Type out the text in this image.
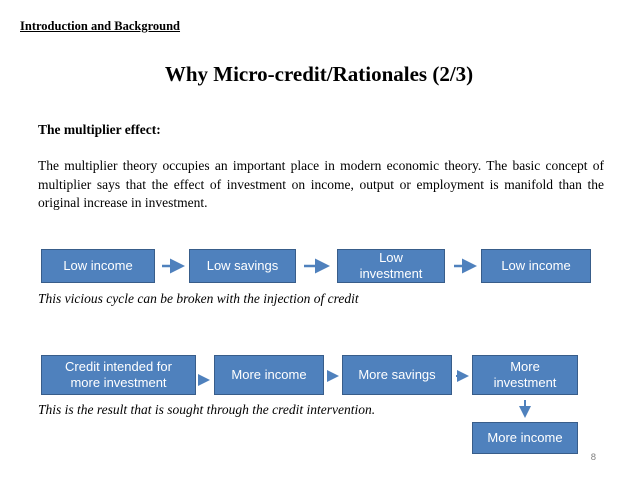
Introduction and Background
Why Micro-credit/Rationales (2/3)
The multiplier effect:
The multiplier theory occupies an important place in modern economic theory. The basic concept of multiplier says that the effect of investment on income, output or employment is manifold than the original increase in investment.
Low income	Low savings
Low investment
Low income
This vicious cycle can be broken with the injection of credit
Credit intended for more investment
More income	More savings
More investment
More income
This is the result that is sought through the credit intervention.
8
